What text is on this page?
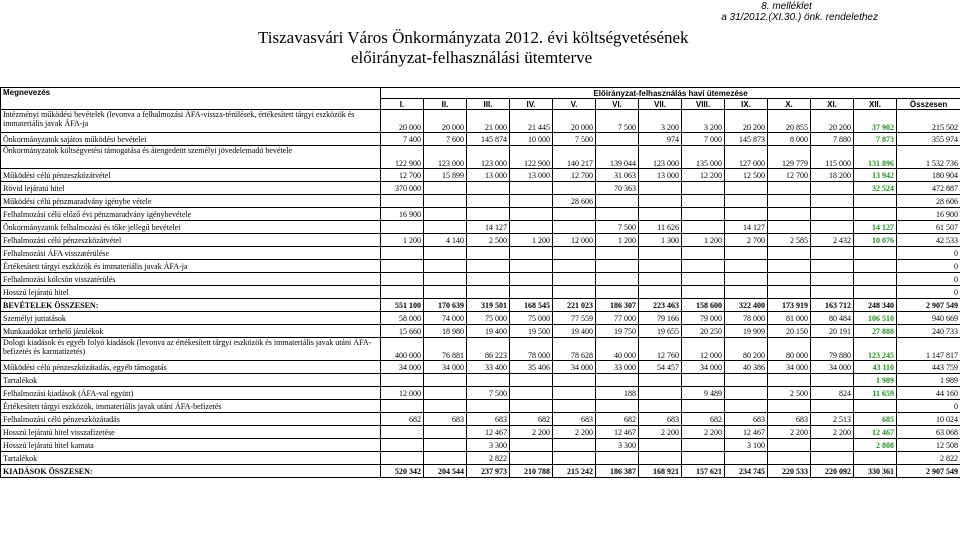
8. melléklet
a 31/2012.(XI.30.) önk. rendelethez
Tiszavasvári Város Önkormányzata 2012. évi költségvetésének
előirányzat-felhasználási ütemterve
Megnevezés	Előirányzat-felhasználás havi ütemezése												
	I.	II.	III.	IV.	V.	VI.	VII.	VIII.	IX.	X.	XI.	XII.	Összesen
Intézményi működési bevételek (levonva a felhalmozási ÁFA-vissza-térülések, értékesített tárgyi eszközök és immateriális javak ÁFA-ja	20 000	20 000	21 000	21 445	20 000	7 500	3 200	3 200	20 200	20 855	20 200	37 902	215 502
Önkormányzatok sajátos működési bevételei	7 400	7 600	145 874	10 000	7 500		974	7 000	145 873	8 000	7 880	7 873	355 974
Önkormányzatok költségvetési támogatása és átengedettt személyi jövedelemadó bevétele	122 900	123 000	123 000	122 900	140 217	139 044	123 000	135 000	127 000	129 779	115 000	131 896	1 532 736
Működési célú pénzeszközátvétel	12 700	15 899	13 000	13 000	12 700	31 063	13 000	12 200	12 500	12 700	18 200	13 942	180 904
Rövid lejáratú hitel	370 000					70 363						32 524	472 887
Működési célú pénzmaradvány igénybe vétele					28 606								28 606
Felhalmozási célú előző évi pénzmaradvány igénybevétele	16 900												16 900
Önkormányzatok felhalmozási és tőke jellegű bevételei			14 127			7 500	11 626		14 127			14 127	61 507
Felhalmozási célú pénzeszközátvétel	1 200	4 140	2 500	1 200	12 000	1 200	1 300	1 200	2 700	2 585	2 432	10 076	42 533
Felhalmozási ÁFA visszatérülése													0
Értékesített tárgyi eszközök és immateriális javak ÁFA-ja													0
Felhalmozási kölcsön visszatérülés													0
Hosszú lejáratú hitel													0
BEVÉTELEK ÖSSZESEN:	551 100	170 639	319 501	168 545	221 023	186 307	223 463	158 600	322 400	173 919	163 712	248 340	2 907 549
Személyi juttatások	58 000	74 000	75 000	75 000	77 559	77 000	79 166	79 000	78 000	81 000	80 484	106 510	940 669
Munkaadókat terhelő járulékok	15 660	18 980	19 400	19 500	19 400	19 750	19 655	20 250	19 909	20 150	20 191	27 888	240 733
Dologi kiadások és egyéb folyó kiadások (levonva az értékesített tárgyi eszközök és immateriális javak utáni ÁFA-befizetés és karmatizetés)	400 000	76 881	86 223	78 000	78 628	40 000	12 760	12 000	80 200	80 000	79 880	123 245	1 147 817
Működési célú pénzeszközátadás, egyéb támogatás	34 000	34 000	33 400	35 406	34 000	33 000	54 457	34 000	40 386	34 000	34 000	43 110	443 759
Tartalékok												1 989	1 989
Felhalmozási kiadások (ÁFA-val együtt)	12 000		7 500			188		9 489		2 500	824	11 659	44 160
Értékesített tárgyi eszközök, immateriális javak utáni ÁFA-befizetés													0
Felhalmozási célú pénzeszközátadás	682	683	683	682	683	682	683	682	683	683	2 513	685	10 024
Hosszú lejáratú hitel visszafizetése			12 467	2 200	2 200	12 467	2 200	2 200	12 467	2 200	2 200	12 467	63 068
Hosszú lejáratú hitel kamata			3 300			3 300			3 100			2 808	12 508
Tartalékok			2 822										2 822
KIADÁSOK ÖSSZESEN:	520 342	204 544	237 973	210 788	215 242	186 387	168 921	157 621	234 745	220 533	220 092	330 361	2 907 549
